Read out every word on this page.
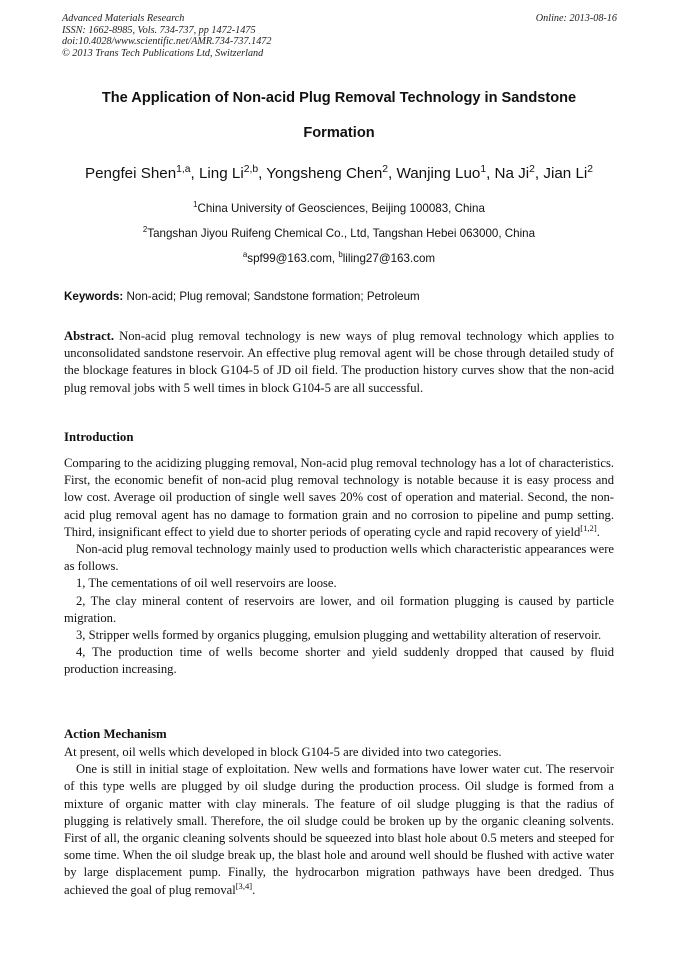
Advanced Materials Research
ISSN: 1662-8985, Vols. 734-737, pp 1472-1475
doi:10.4028/www.scientific.net/AMR.734-737.1472
© 2013 Trans Tech Publications Ltd, Switzerland
Online: 2013-08-16
The Application of Non-acid Plug Removal Technology in Sandstone
Formation
Pengfei Shen$^{1,a}$, Ling Li$^{2,b}$, Yongsheng Chen$^2$, Wanjing Luo$^1$, Na Ji$^2$, Jian Li$^2$
$^1$China University of Geosciences, Beijing 100083, China
$^2$Tangshan Jiyou Ruifeng Chemical Co., Ltd, Tangshan Hebei 063000, China
$^a$spf99@163.com, $^b$liling27@163.com
Keywords: Non-acid; Plug removal; Sandstone formation; Petroleum

Abstract. Non-acid plug removal technology is new ways of plug removal technology which applies to unconsolidated sandstone reservoir. An effective plug removal agent will be chose through detailed study of the blockage features in block G104-5 of JD oil field. The production history curves show that the non-acid plug removal jobs with 5 well times in block G104-5 are all successful.

Introduction

Comparing to the acidizing plugging removal, Non-acid plug removal technology has a lot of characteristics. First, the economic benefit of non-acid plug removal technology is notable because it is easy process and low cost. Average oil production of single well saves 20% cost of operation and material. Second, the non-acid plug removal agent has no damage to formation grain and no corrosion to pipeline and pump setting. Third, insignificant effect to yield due to shorter periods of operating cycle and rapid recovery of yield[1,2].

Non-acid plug removal technology mainly used to production wells which characteristic appearances were as follows.

1, The cementations of oil well reservoirs are loose.

2, The clay mineral content of reservoirs are lower, and oil formation plugging is caused by particle migration.

3, Stripper wells formed by organics plugging, emulsion plugging and wettability alteration of reservoir.

4, The production time of wells become shorter and yield suddenly dropped that caused by fluid production increasing.

Action Mechanism

At present, oil wells which developed in block G104-5 are divided into two categories.

One is still in initial stage of exploitation. New wells and formations have lower water cut. The reservoir of this type wells are plugged by oil sludge during the production process. Oil sludge is formed from a mixture of organic matter with clay minerals. The feature of oil sludge plugging is that the radius of plugging is relatively small. Therefore, the oil sludge could be broken up by the organic cleaning solvents. First of all, the organic cleaning solvents should be squeezed into blast hole about 0.5 meters and steeped for some time. When the oil sludge break up, the blast hole and around well should be flushed with active water by large displacement pump. Finally, the hydrocarbon migration pathways have been dredged. Thus achieved the goal of plug removal[3,4].
